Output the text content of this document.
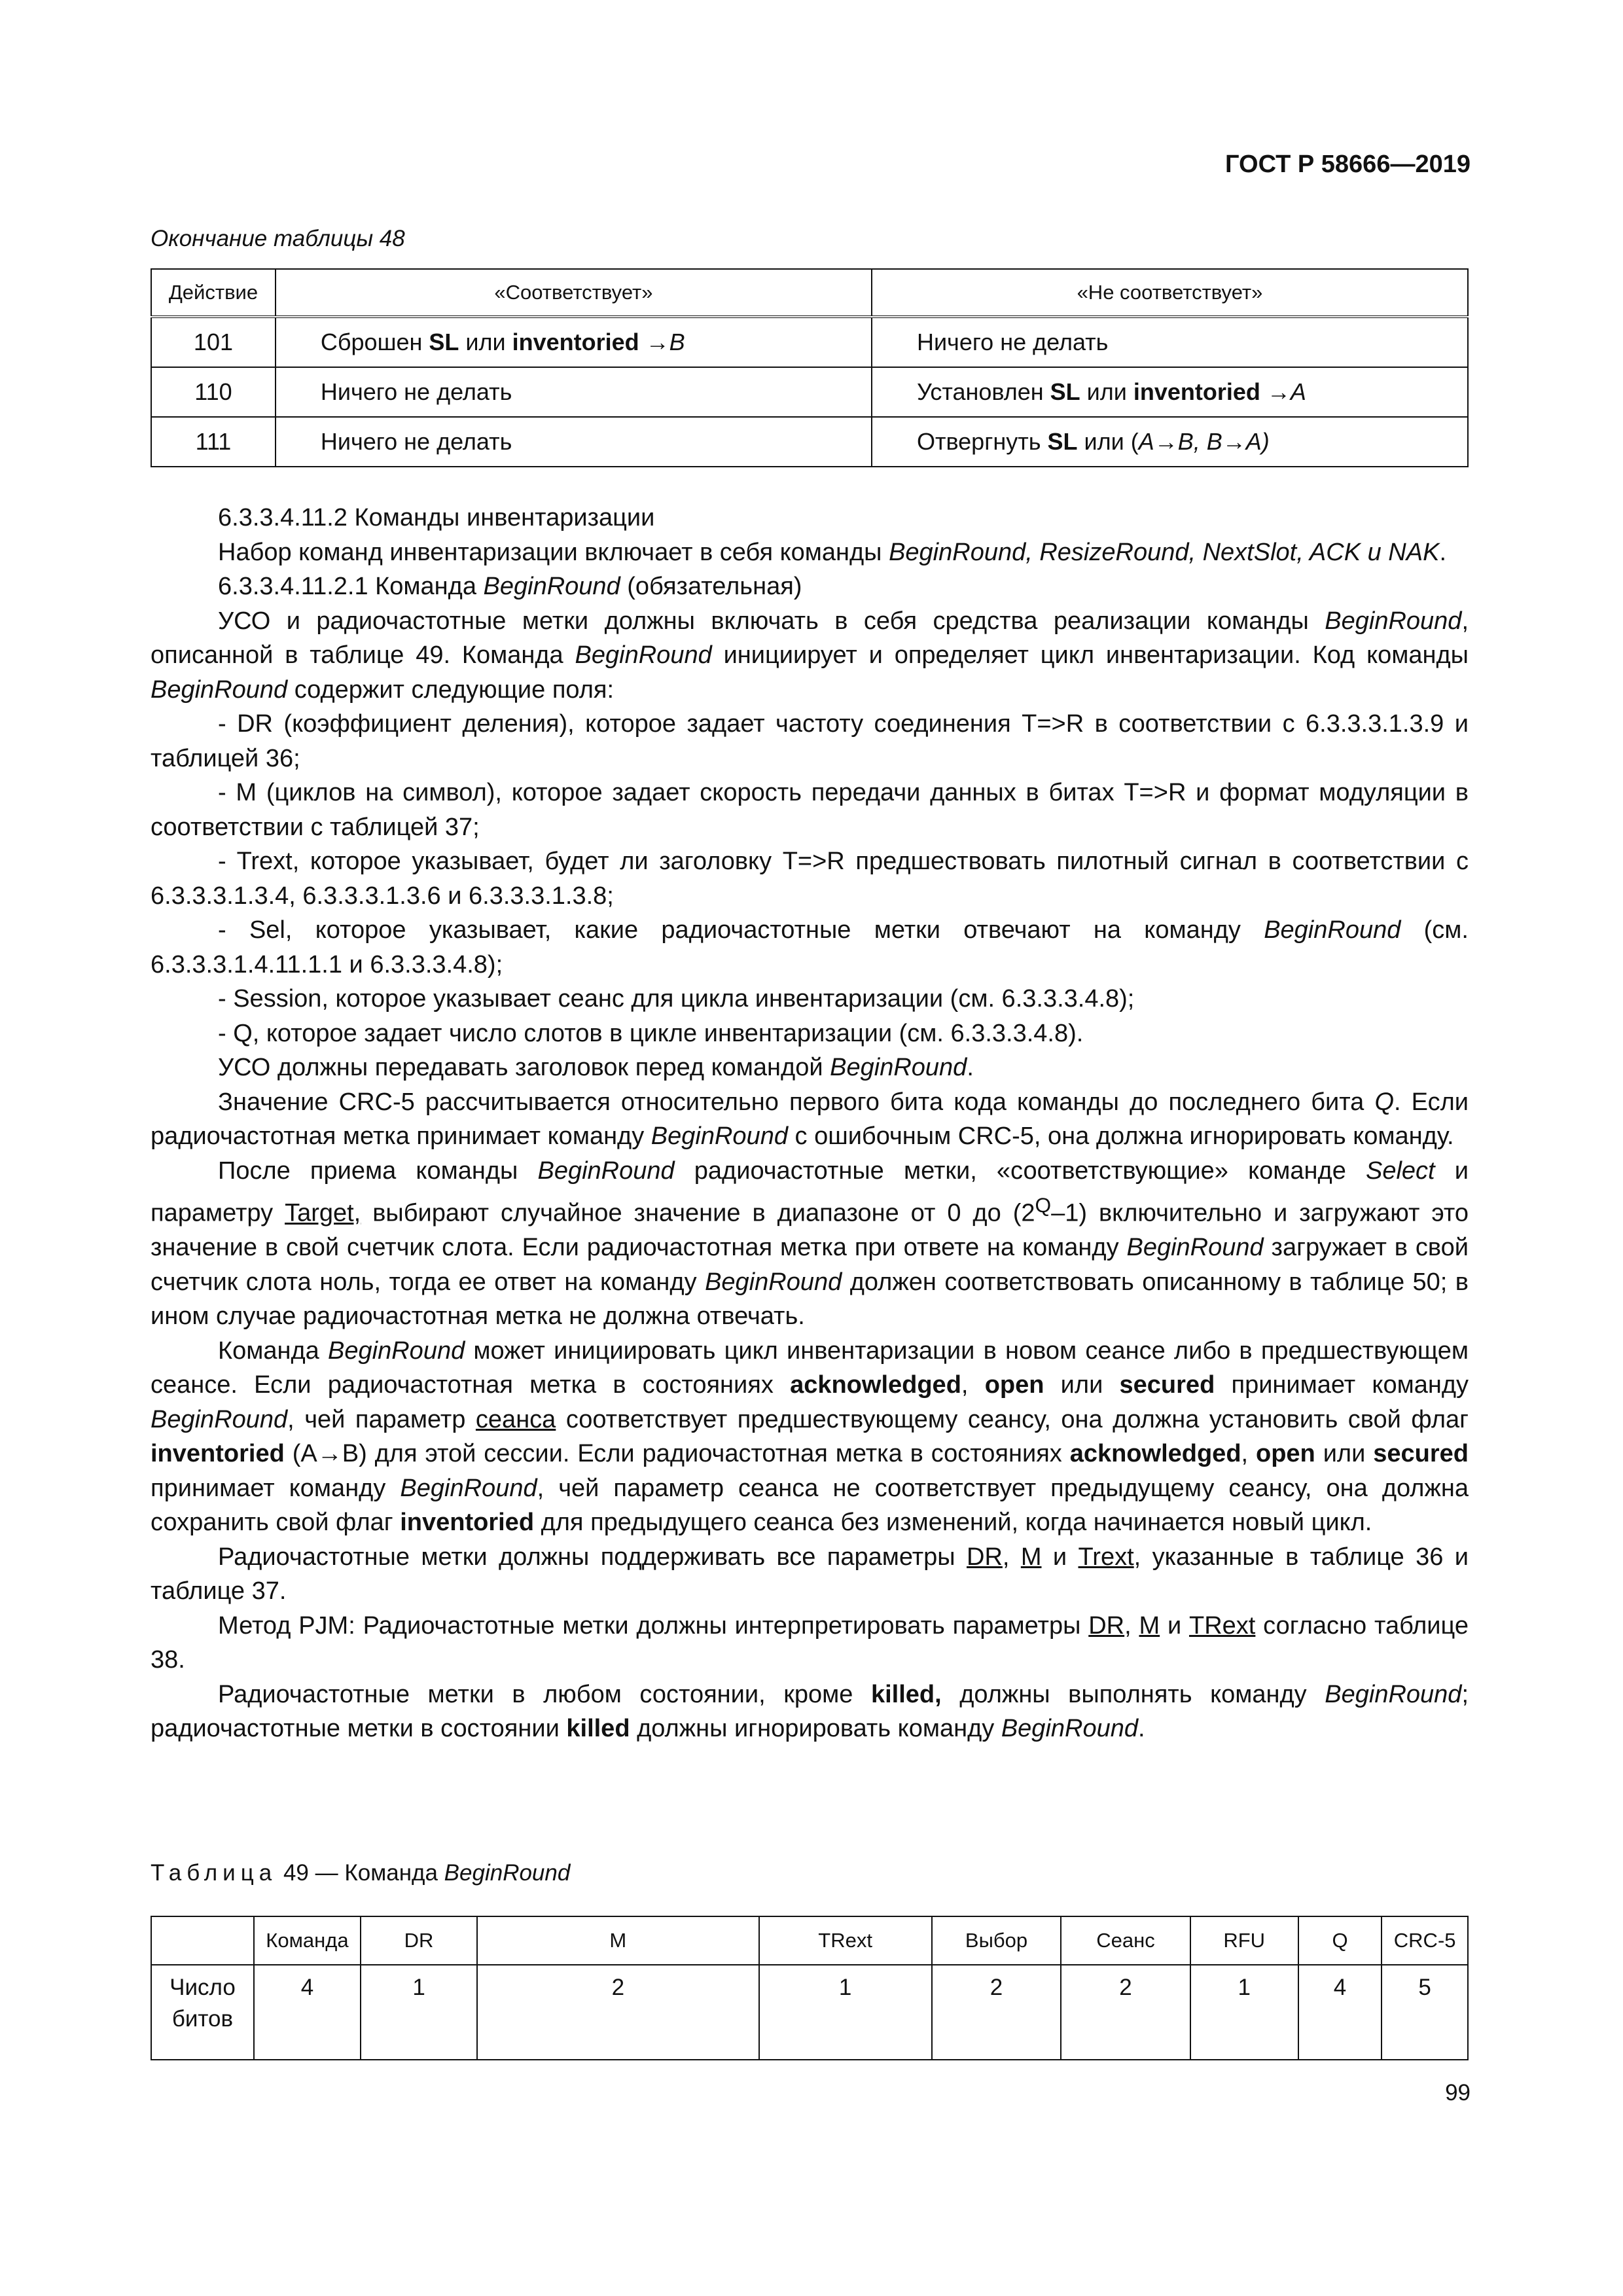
ГОСТ Р 58666—2019
Окончание таблицы 48
Действие	«Соответствует»	«Не соответствует»
101	Сброшен SL или inventoried →B	Ничего не делать
110	Ничего не делать	Установлен SL или inventoried →A
111	Ничего не делать	Отвергнуть SL или (A→B, B→A)

6.3.3.4.11.2 Команды инвентаризации

Набор команд инвентаризации включает в себя команды BeginRound, ResizeRound, NextSlot, ACK и NAK.

6.3.3.4.11.2.1 Команда BeginRound (обязательная)

УСО и радиочастотные метки должны включать в себя средства реализации команды BeginRound, описанной в таблице 49. Команда BeginRound инициирует и определяет цикл инвентаризации. Код команды BeginRound содержит следующие поля:

- DR (коэффициент деления), которое задает частоту соединения T=>R в соответствии с 6.3.3.3.1.3.9 и таблицей 36;

- M (циклов на символ), которое задает скорость передачи данных в битах T=>R и формат модуляции в соответствии с таблицей 37;

- Trext, которое указывает, будет ли заголовку T=>R предшествовать пилотный сигнал в соответствии с 6.3.3.3.1.3.4, 6.3.3.3.1.3.6 и 6.3.3.3.1.3.8;

- Sel, которое указывает, какие радиочастотные метки отвечают на команду BeginRound (см. 6.3.3.3.1.4.11.1.1 и 6.3.3.3.4.8);

- Session, которое указывает сеанс для цикла инвентаризации (см. 6.3.3.3.4.8);

- Q, которое задает число слотов в цикле инвентаризации (см. 6.3.3.3.4.8).

УСО должны передавать заголовок перед командой BeginRound.

Значение CRC-5 рассчитывается относительно первого бита кода команды до последнего бита Q. Если радиочастотная метка принимает команду BeginRound с ошибочным CRC-5, она должна игнорировать команду.

После приема команды BeginRound радиочастотные метки, «соответствующие» команде Select и параметру Target, выбирают случайное значение в диапазоне от 0 до $(2^Q-1)$ включительно и загружают это значение в свой счетчик слота. Если радиочастотная метка при ответе на команду BeginRound загружает в свой счетчик слота ноль, тогда ее ответ на команду BeginRound должен соответствовать описанному в таблице 50; в ином случае радиочастотная метка не должна отвечать.

Команда BeginRound может инициировать цикл инвентаризации в новом сеансе либо в предшествующем сеансе. Если радиочастотная метка в состояниях acknowledged, open или secured принимает команду BeginRound, чей параметр сеанса соответствует предшествующему сеансу, она должна установить свой флаг inventoried (A→B) для этой сессии. Если радиочастотная метка в состояниях acknowledged, open или secured принимает команду BeginRound, чей параметр сеанса не соответствует предыдущему сеансу, она должна сохранить свой флаг inventoried для предыдущего сеанса без изменений, когда начинается новый цикл.

Радиочастотные метки должны поддерживать все параметры DR, M и Trext, указанные в таблице 36 и таблице 37.

Метод PJM: Радиочастотные метки должны интерпретировать параметры DR, M и TRext согласно таблице 38.

Радиочастотные метки в любом состоянии, кроме killed, должны выполнять команду BeginRound; радиочастотные метки в состоянии killed должны игнорировать команду BeginRound.

Таблица 49 — Команда BeginRound
	Команда	DR	M	TRext	Выбор	Сеанс	RFU	Q	CRC-5
Число битов	4	1	2	1	2	2	1	4	5
99
